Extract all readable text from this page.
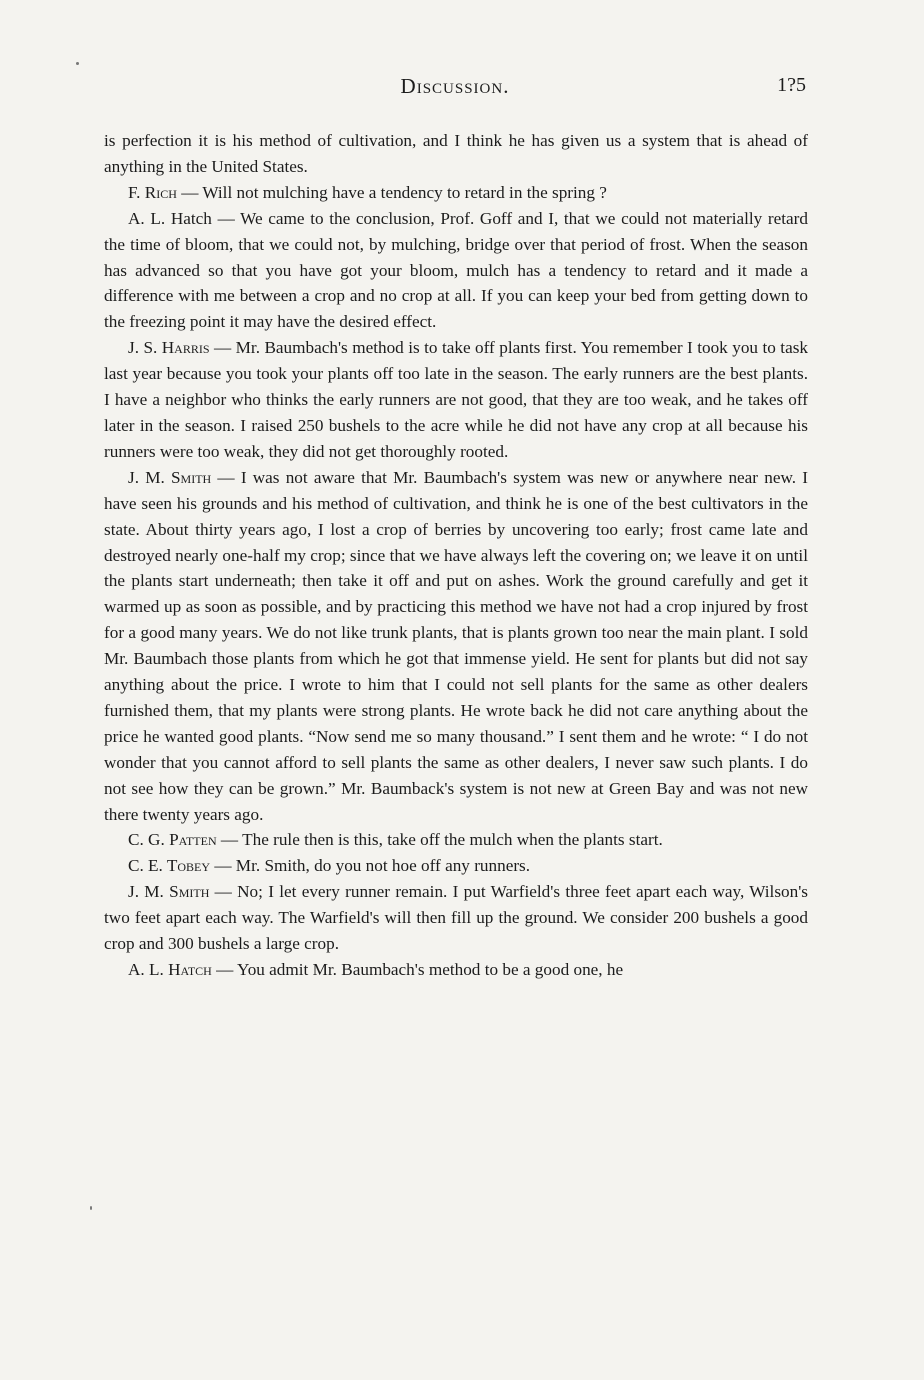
Discussion.	1?5

is perfection it is his method of cultivation, and I think he has given us a system that is ahead of anything in the United States.

F. Rich — Will not mulching have a tendency to retard in the spring ?

A. L. Hatch — We came to the conclusion, Prof. Goff and I, that we could not materially retard the time of bloom, that we could not, by mulching, bridge over that period of frost. When the season has advanced so that you have got your bloom, mulch has a tendency to retard and it made a difference with me between a crop and no crop at all. If you can keep your bed from getting down to the freezing point it may have the desired effect.

J. S. Harris — Mr. Baumbach's method is to take off plants first. You remember I took you to task last year because you took your plants off too late in the season. The early runners are the best plants. I have a neighbor who thinks the early runners are not good, that they are too weak, and he takes off later in the season. I raised 250 bushels to the acre while he did not have any crop at all because his runners were too weak, they did not get thoroughly rooted.

J. M. Smith — I was not aware that Mr. Baumbach's system was new or anywhere near new. I have seen his grounds and his method of cultivation, and think he is one of the best cultivators in the state. About thirty years ago, I lost a crop of berries by uncovering too early; frost came late and destroyed nearly one-half my crop; since that we have always left the covering on; we leave it on until the plants start underneath; then take it off and put on ashes. Work the ground carefully and get it warmed up as soon as possible, and by practicing this method we have not had a crop injured by frost for a good many years. We do not like trunk plants, that is plants grown too near the main plant. I sold Mr. Baumbach those plants from which he got that immense yield. He sent for plants but did not say anything about the price. I wrote to him that I could not sell plants for the same as other dealers furnished them, that my plants were strong plants. He wrote back he did not care anything about the price he wanted good plants. “Now send me so many thousand.” I sent them and he wrote: “ I do not wonder that you cannot afford to sell plants the same as other dealers, I never saw such plants. I do not see how they can be grown.” Mr. Baumback's system is not new at Green Bay and was not new there twenty years ago.

C. G. Patten — The rule then is this, take off the mulch when the plants start.

C. E. Tobey — Mr. Smith, do you not hoe off any runners.

J. M. Smith — No; I let every runner remain. I put Warfield's three feet apart each way, Wilson's two feet apart each way. The Warfield's will then fill up the ground. We consider 200 bushels a good crop and 300 bushels a large crop.

A. L. Hatch — You admit Mr. Baumbach's method to be a good one, he
